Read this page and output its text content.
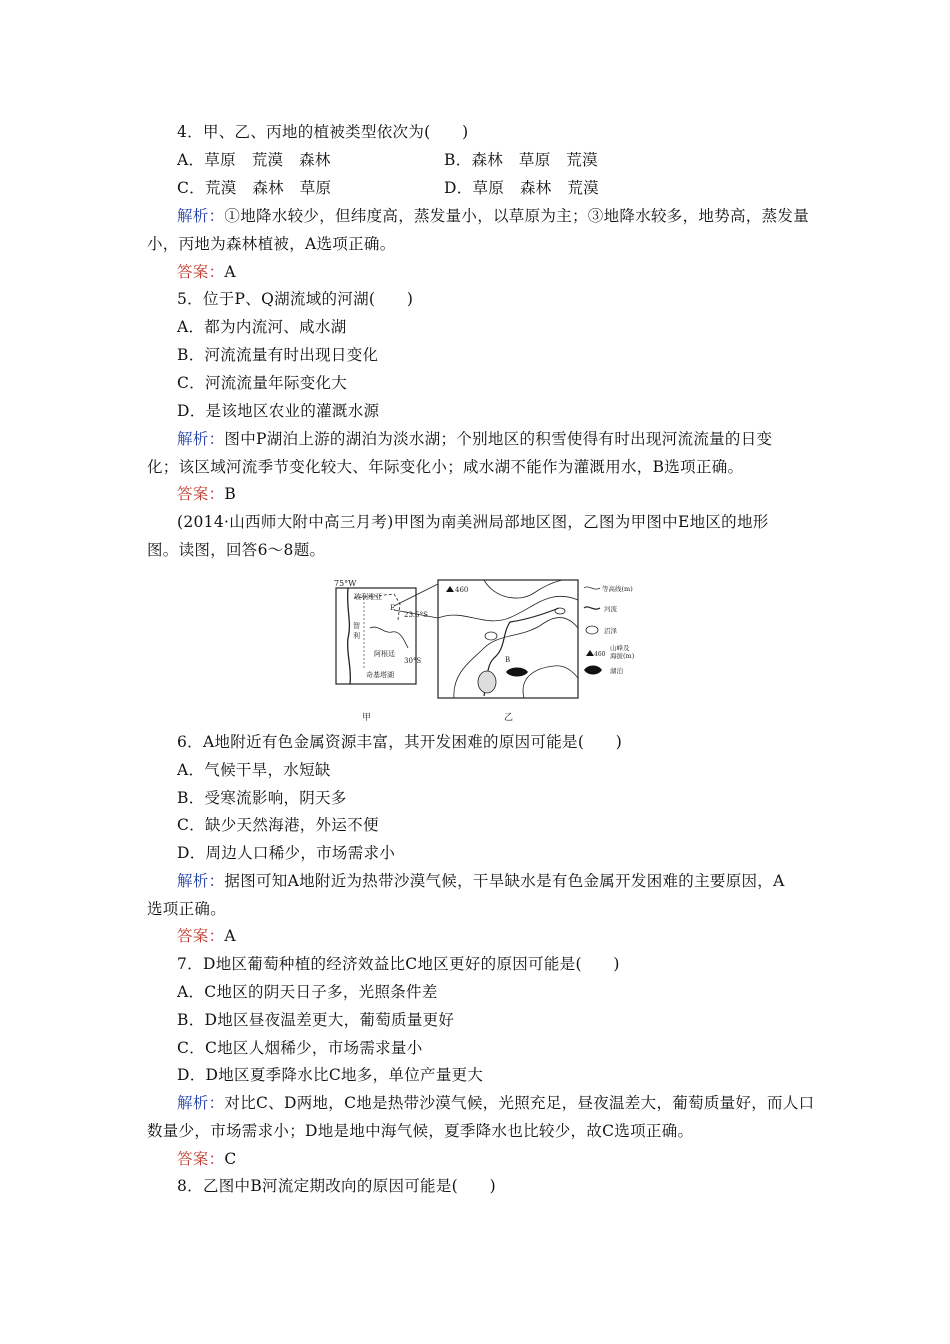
4．甲、乙、丙地的植被类型依次为(　　)
A．草原　荒漠　森林	B．森林　草原　荒漠
C．荒漠　森林　草原	D．草原　森林　荒漠
解析：①地降水较少，但纬度高，蒸发量小，以草原为主；③地降水较多，地势高，蒸发量
小，丙地为森林植被，A选项正确。
答案：A
5．位于P、Q湖流域的河湖(　　)
A．都为内流河、咸水湖
B．河流流量有时出现日变化
C．河流流量年际变化大
D．是该地区农业的灌溉水源
解析：图中P湖泊上游的湖泊为淡水湖；个别地区的积雪使得有时出现河流流量的日变
化；该区域河流季节变化较大、年际变化小；咸水湖不能作为灌溉用水，B选项正确。
答案：B
(2014·山西师大附中高三月考)甲图为南美洲局部地区图，乙图为甲图中E地区的地形
图。读图，回答6～8题。
75°W
玻利维亚
E
智
利
阿根廷
奇基塔湖
23.5°S
30°S
460
B
等高线(m)
河流
沼泽
460
山峰及
海拔(m)
湖泊
甲	乙
6．A地附近有色金属资源丰富，其开发困难的原因可能是(　　)
A．气候干旱，水短缺
B．受寒流影响，阴天多
C．缺少天然海港，外运不便
D．周边人口稀少，市场需求小
解析：据图可知A地附近为热带沙漠气候，干旱缺水是有色金属开发困难的主要原因，A
选项正确。
答案：A
7．D地区葡萄种植的经济效益比C地区更好的原因可能是(　　)
A．C地区的阴天日子多，光照条件差
B．D地区昼夜温差更大，葡萄质量更好
C．C地区人烟稀少，市场需求量小
D．D地区夏季降水比C地多，单位产量更大
解析：对比C、D两地，C地是热带沙漠气候，光照充足，昼夜温差大，葡萄质量好，而人口
数量少，市场需求小；D地是地中海气候，夏季降水也比较少，故C选项正确。
答案：C
8．乙图中B河流定期改向的原因可能是(　　)
